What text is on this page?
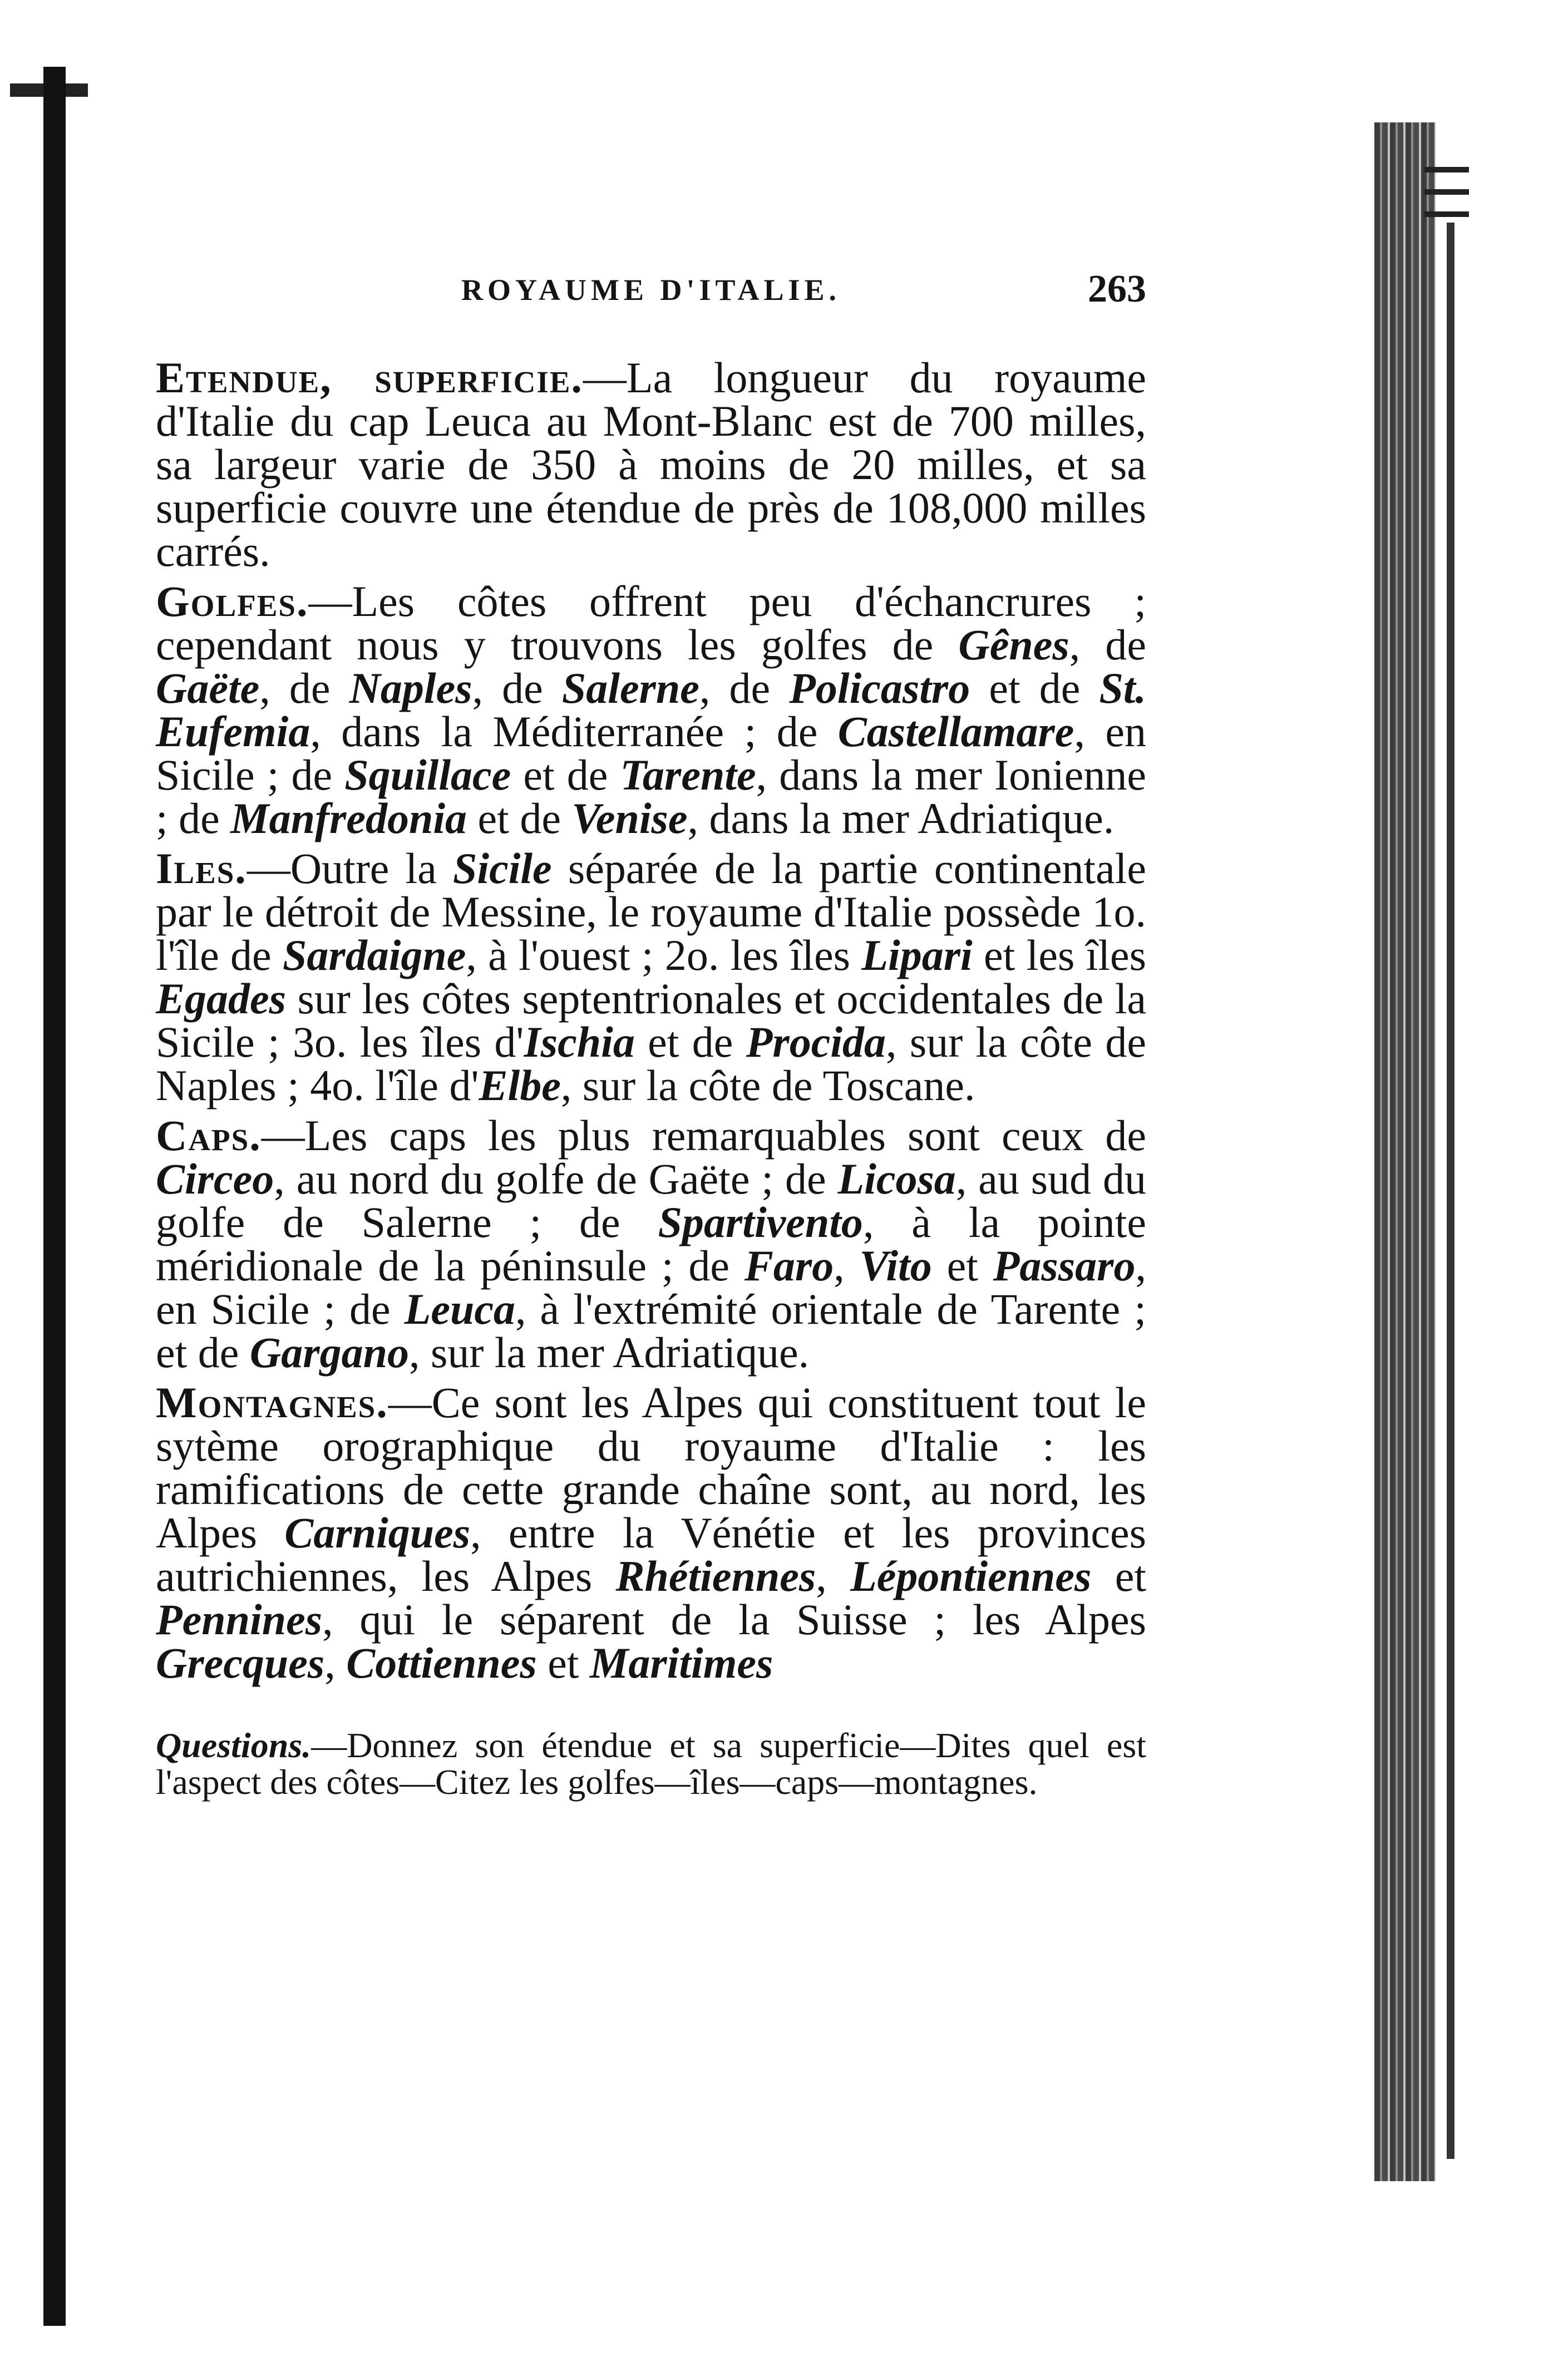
ROYAUME D'ITALIE.	263

Etendue, superficie.—La longueur du royaume d'Italie du cap Leuca au Mont-Blanc est de 700 milles, sa largeur varie de 350 à moins de 20 milles, et sa superficie couvre une étendue de près de 108,000 milles carrés.

Golfes.—Les côtes offrent peu d'échancrures ; cependant nous y trouvons les golfes de Gênes, de Gaëte, de Naples, de Salerne, de Policastro et de St. Eufemia, dans la Méditerranée ; de Castellamare, en Sicile ; de Squillace et de Tarente, dans la mer Ionienne ; de Manfredonia et de Venise, dans la mer Adriatique.

Iles.—Outre la Sicile séparée de la partie continentale par le détroit de Messine, le royaume d'Italie possède 1o. l'île de Sardaigne, à l'ouest ; 2o. les îles Lipari et les îles Egades sur les côtes septentrionales et occidentales de la Sicile ; 3o. les îles d'Ischia et de Procida, sur la côte de Naples ; 4o. l'île d'Elbe, sur la côte de Toscane.

Caps.—Les caps les plus remarquables sont ceux de Circeo, au nord du golfe de Gaëte ; de Licosa, au sud du golfe de Salerne ; de Spartivento, à la pointe méridionale de la péninsule ; de Faro, Vito et Passaro, en Sicile ; de Leuca, à l'extrémité orientale de Tarente ; et de Gargano, sur la mer Adriatique.

Montagnes.—Ce sont les Alpes qui constituent tout le sytème orographique du royaume d'Italie : les ramifications de cette grande chaîne sont, au nord, les Alpes Carniques, entre la Vénétie et les provinces autrichiennes, les Alpes Rhétiennes, Lépontiennes et Pennines, qui le séparent de la Suisse ; les Alpes Grecques, Cottiennes et Maritimes

Questions.—Donnez son étendue et sa superficie—Dites quel est l'aspect des côtes—Citez les golfes—îles—caps—montagnes.
